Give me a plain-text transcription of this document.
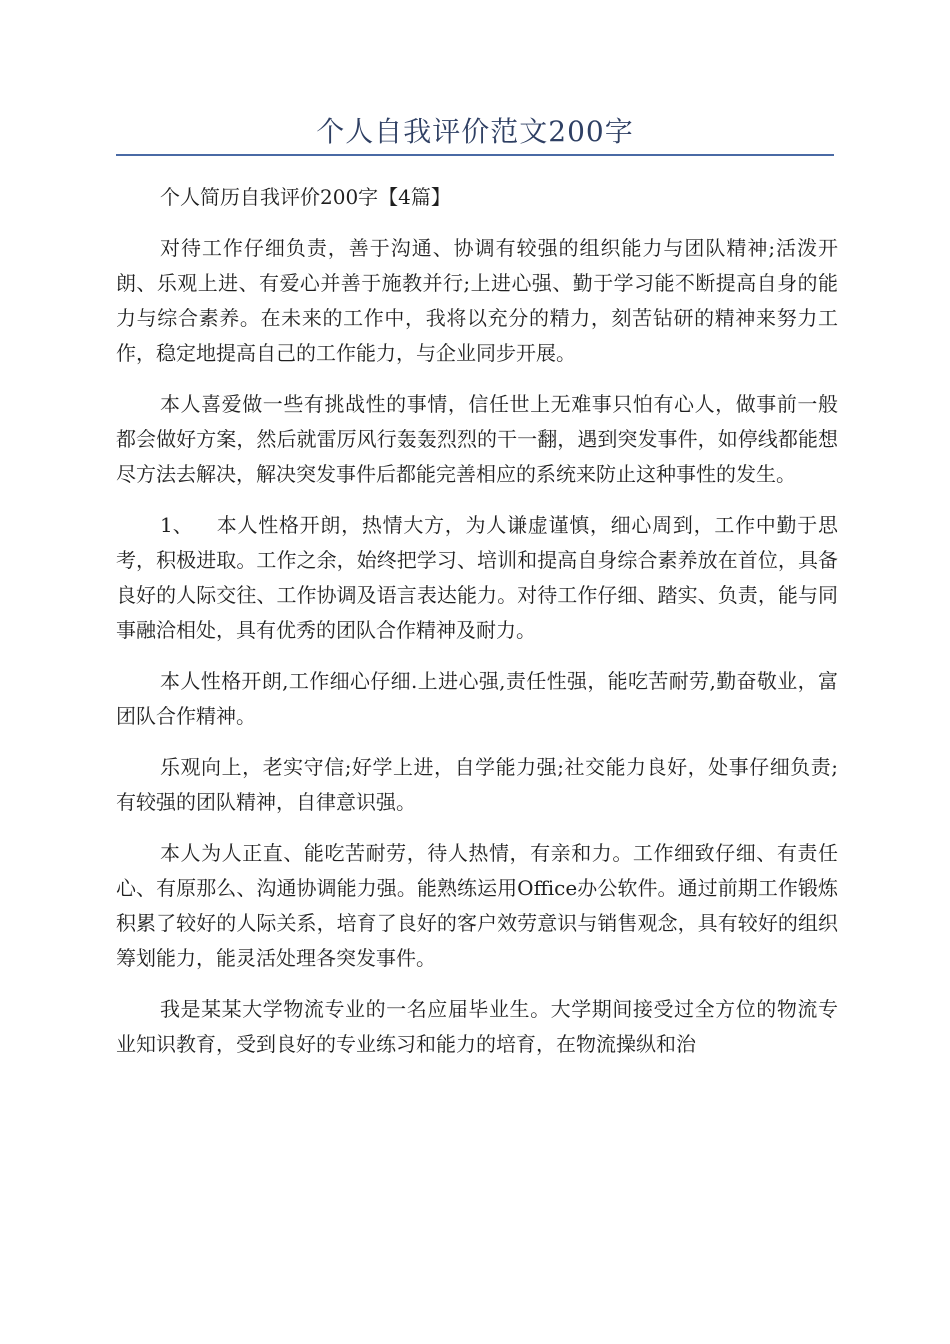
个人自我评价范文200字

个人简历自我评价200字【4篇】

对待工作仔细负责，善于沟通、协调有较强的组织能力与团队精神;活泼开朗、乐观上进、有爱心并善于施教并行;上进心强、勤于学习能不断提高自身的能力与综合素养。在未来的工作中，我将以充分的精力，刻苦钻研的精神来努力工作，稳定地提高自己的工作能力，与企业同步开展。

本人喜爱做一些有挑战性的事情，信任世上无难事只怕有心人，做事前一般都会做好方案，然后就雷厉风行轰轰烈烈的干一翻，遇到突发事件，如停线都能想尽方法去解决，解决突发事件后都能完善相应的系统来防止这种事性的发生。

1、 本人性格开朗，热情大方，为人谦虚谨慎，细心周到，工作中勤于思考，积极进取。工作之余，始终把学习、培训和提高自身综合素养放在首位，具备良好的人际交往、工作协调及语言表达能力。对待工作仔细、踏实、负责，能与同事融洽相处，具有优秀的团队合作精神及耐力。

本人性格开朗,工作细心仔细.上进心强,责任性强，能吃苦耐劳,勤奋敬业，富团队合作精神。

乐观向上，老实守信;好学上进，自学能力强;社交能力良好，处事仔细负责;有较强的团队精神，自律意识强。

本人为人正直、能吃苦耐劳，待人热情，有亲和力。工作细致仔细、有责任心、有原那么、沟通协调能力强。能熟练运用Office办公软件。通过前期工作锻炼积累了较好的人际关系，培育了良好的客户效劳意识与销售观念，具有较好的组织筹划能力，能灵活处理各突发事件。

我是某某大学物流专业的一名应届毕业生。大学期间接受过全方位的物流专业知识教育，受到良好的专业练习和能力的培育，在物流操纵和治
